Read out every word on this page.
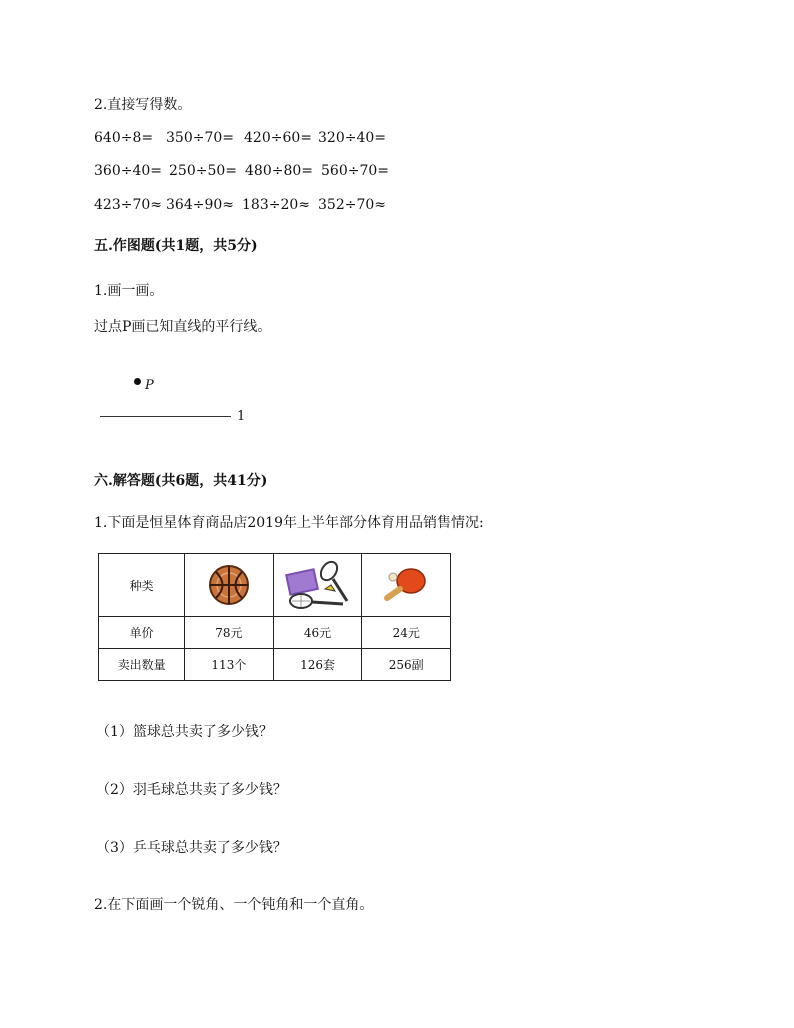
2.直接写得数。
640÷8= 350÷70= 420÷60= 320÷40=
360÷40= 250÷50= 480÷80= 560÷70=
423÷70≈ 364÷90≈ 183÷20≈ 352÷70≈
五.作图题(共1题，共5分)
1.画一画。
过点P画已知直线的平行线。
P
1
六.解答题(共6题，共41分)
1.下面是恒星体育商品店2019年上半年部分体育用品销售情况:
种类	

单价	78元	46元	24元
卖出数量	113个	126套	256副
（1）篮球总共卖了多少钱？
（2）羽毛球总共卖了多少钱？
（3）乒乓球总共卖了多少钱？
2.在下面画一个锐角、一个钝角和一个直角。
